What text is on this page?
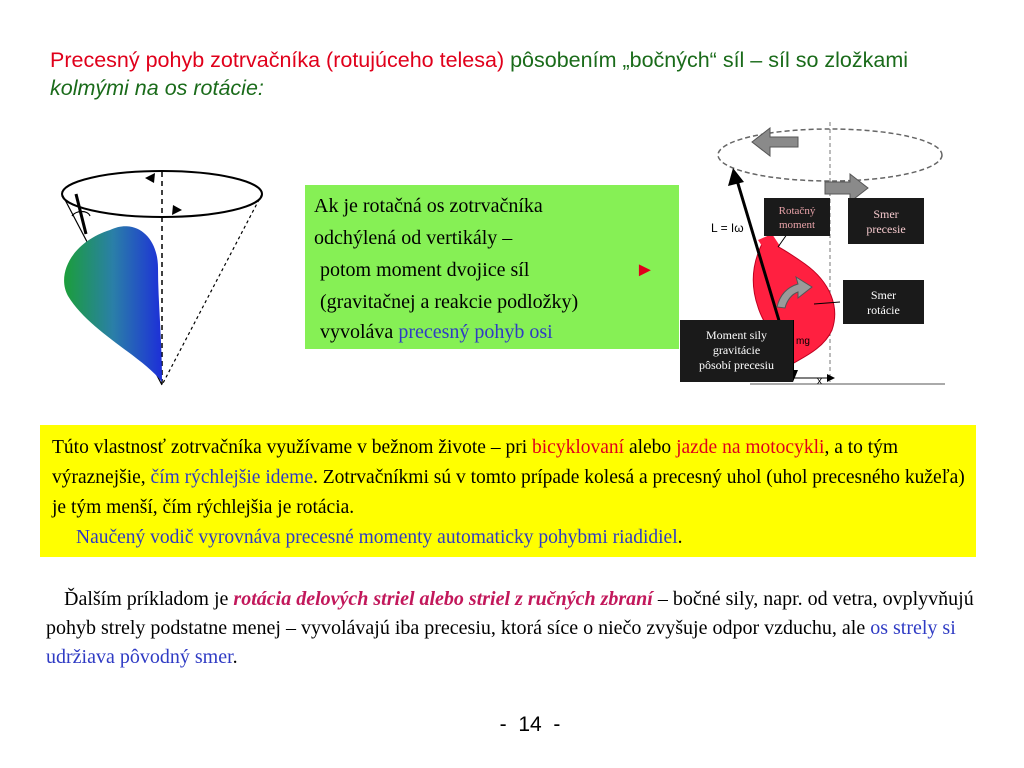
Precesný pohyb zotrvačníka (rotujúceho telesa) pôsobením „bočných“ síl – síl so zložkami kolmými na os rotácie:
Ak je rotačná os zotrvačníka
odchýlená od vertikály –
potom moment dvojice síl	►
(gravitačnej a reakcie podložky)
vyvoláva precesný pohyb osi
L = Iω
mg
x
Rotačný
moment
Smer
precesie
Smer
rotácie
Moment sily
gravitácie
pôsobí precesiu
Túto vlastnosť zotrvačníka využívame v bežnom živote – pri bicyklovaní alebo jazde na motocykli, a to tým výraznejšie, čím rýchlejšie ideme. Zotrvačníkmi sú v tomto prípade kolesá a precesný uhol (uhol precesného kužeľa) je tým menší, čím rýchlejšia je rotácia.
Naučený vodič vyrovnáva precesné momenty automaticky pohybmi riadidiel.
Ďalším príkladom je rotácia delových striel alebo striel z ručných zbraní – bočné sily, napr. od vetra, ovplyvňujú pohyb strely podstatne menej – vyvolávajú iba precesiu, ktorá síce o niečo zvyšuje odpor vzduchu, ale os strely si udržiava pôvodný smer.
-  14  -
